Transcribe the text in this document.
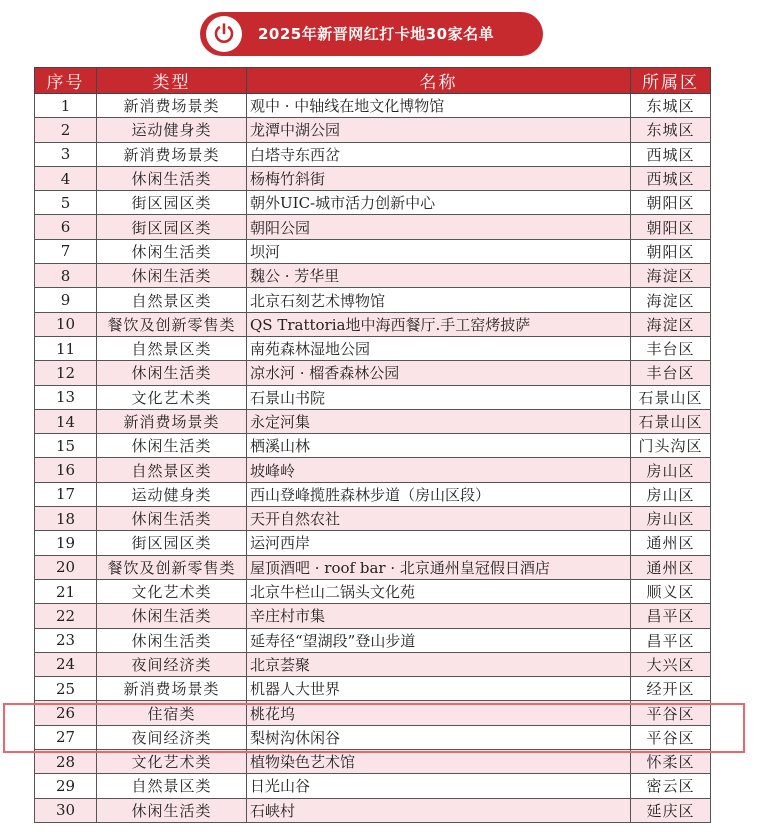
2025年新晋网红打卡地30家名单
序号	类型	名称	所属区
1	新消费场景类	观中 · 中轴线在地文化博物馆	东城区
2	运动健身类	龙潭中湖公园	东城区
3	新消费场景类	白塔寺东西岔	西城区
4	休闲生活类	杨梅竹斜街	西城区
5	街区园区类	朝外UIC-城市活力创新中心	朝阳区
6	街区园区类	朝阳公园	朝阳区
7	休闲生活类	坝河	朝阳区
8	休闲生活类	魏公 · 芳华里	海淀区
9	自然景区类	北京石刻艺术博物馆	海淀区
10	餐饮及创新零售类	QS Trattoria地中海西餐厅.手工窑烤披萨	海淀区
11	自然景区类	南苑森林湿地公园	丰台区
12	休闲生活类	凉水河 · 榴香森林公园	丰台区
13	文化艺术类	石景山书院	石景山区
14	新消费场景类	永定河集	石景山区
15	休闲生活类	栖溪山林	门头沟区
16	自然景区类	坡峰岭	房山区
17	运动健身类	西山登峰揽胜森林步道（房山区段）	房山区
18	休闲生活类	天开自然农社	房山区
19	街区园区类	运河西岸	通州区
20	餐饮及创新零售类	屋顶酒吧 · roof bar · 北京通州皇冠假日酒店	通州区
21	文化艺术类	北京牛栏山二锅头文化苑	顺义区
22	休闲生活类	辛庄村市集	昌平区
23	休闲生活类	延寿径“望湖段”登山步道	昌平区
24	夜间经济类	北京荟聚	大兴区
25	新消费场景类	机器人大世界	经开区
26	住宿类	桃花坞	平谷区
27	夜间经济类	梨树沟休闲谷	平谷区
28	文化艺术类	植物染色艺术馆	怀柔区
29	自然景区类	日光山谷	密云区
30	休闲生活类	石峡村	延庆区
